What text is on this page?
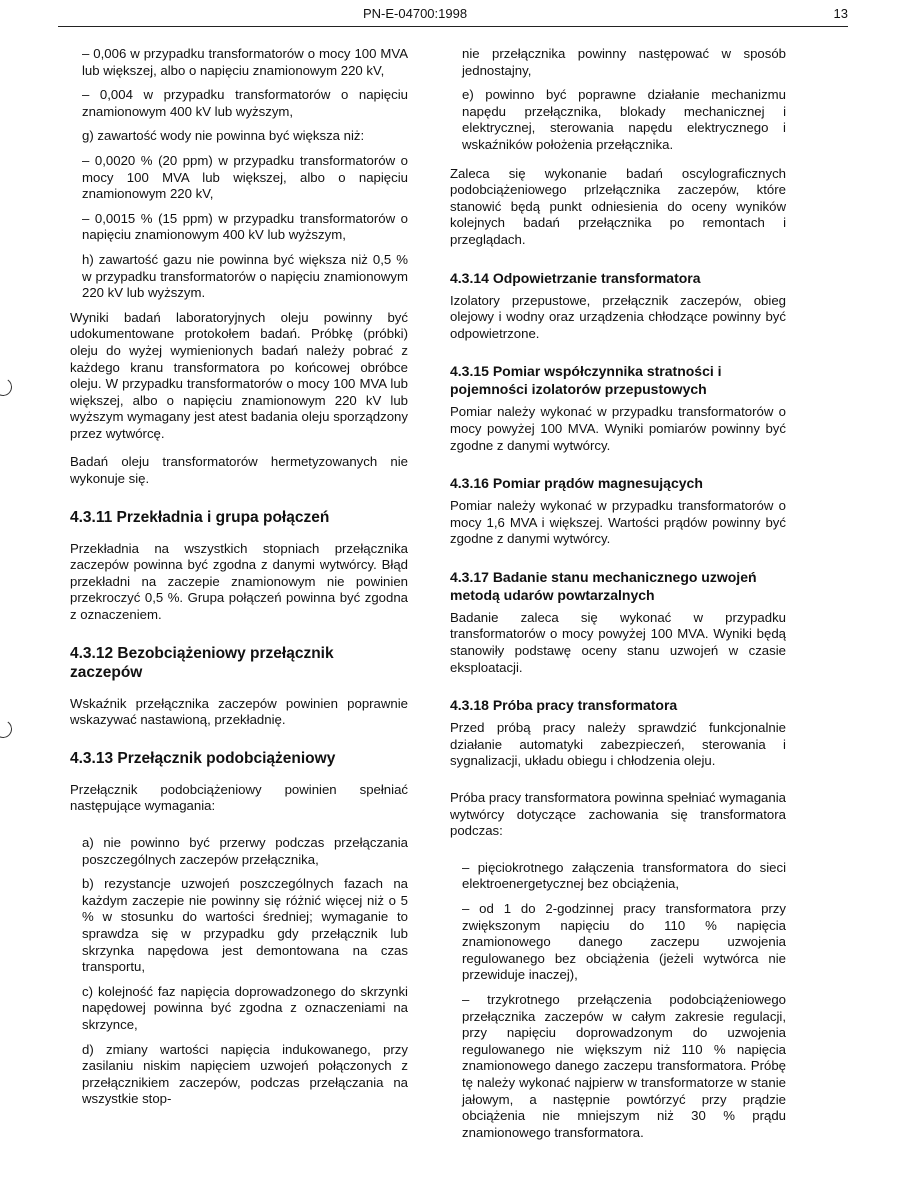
PN-E-04700:1998	13

– 0,006 w przypadku transformatorów o mocy 100 MVA lub większej, albo o napięciu znamionowym 220 kV,

– 0,004 w przypadku transformatorów o napięciu znamionowym 400 kV lub wyższym,

g) zawartość wody nie powinna być większa niż:

– 0,0020 % (20 ppm) w przypadku transformatorów o mocy 100 MVA lub większej, albo o napięciu znamionowym 220 kV,

– 0,0015 % (15 ppm) w przypadku transformatorów o napięciu znamionowym 400 kV lub wyższym,

h) zawartość gazu nie powinna być większa niż 0,5 % w przypadku transformatorów o napięciu znamionowym 220 kV lub wyższym.

Wyniki badań laboratoryjnych oleju powinny być udokumentowane protokołem badań. Próbkę (próbki) oleju do wyżej wymienionych badań należy pobrać z każdego kranu transformatora po końcowej obróbce oleju. W przypadku transformatorów o mocy 100 MVA lub większej, albo o napięciu znamionowym 220 kV lub wyższym wymagany jest atest badania oleju sporządzony przez wytwórcę.

Badań oleju transformatorów hermetyzowanych nie wykonuje się.

4.3.11 Przekładnia i grupa połączeń

Przekładnia na wszystkich stopniach przełącznika zaczepów powinna być zgodna z danymi wytwórcy. Błąd przekładni na zaczepie znamionowym nie powinien przekroczyć 0,5 %. Grupa połączeń powinna być zgodna z oznaczeniem.

4.3.12 Bezobciążeniowy przełącznik zaczepów

Wskaźnik przełącznika zaczepów powinien poprawnie wskazywać nastawioną, przekładnię.

4.3.13 Przełącznik podobciążeniowy

Przełącznik podobciążeniowy powinien spełniać następujące wymagania:

a) nie powinno być przerwy podczas przełączania poszczególnych zaczepów przełącznika,

b) rezystancje uzwojeń poszczególnych fazach na każdym zaczepie nie powinny się różnić więcej niż o 5 % w stosunku do wartości średniej; wymaganie to sprawdza się w przypadku gdy przełącznik lub skrzynka napędowa jest demontowana na czas transportu,

c) kolejność faz napięcia doprowadzonego do skrzynki napędowej powinna być zgodna z oznaczeniami na skrzynce,

d) zmiany wartości napięcia indukowanego, przy zasilaniu niskim napięciem uzwojeń połączonych z przełącznikiem zaczepów, podczas przełączania na wszystkie stop-

nie przełącznika powinny następować w sposób jednostajny,

e) powinno być poprawne działanie mechanizmu napędu przełącznika, blokady mechanicznej i elektrycznej, sterowania napędu elektrycznego i wskaźników położenia przełącznika.

Zaleca się wykonanie badań oscylograficznych podobciążeniowego prlzełącznika zaczepów, które stanowić będą punkt odniesienia do oceny wyników kolejnych badań przełącznika po remontach i przeglądach.

4.3.14 Odpowietrzanie transformatora

Izolatory przepustowe, przełącznik zaczepów, obieg olejowy i wodny oraz urządzenia chłodzące powinny być odpowietrzone.

4.3.15 Pomiar współczynnika stratności i pojemności izolatorów przepustowych

Pomiar należy wykonać w przypadku transformatorów o mocy powyżej 100 MVA. Wyniki pomiarów powinny być zgodne z danymi wytwórcy.

4.3.16 Pomiar prądów magnesujących

Pomiar należy wykonać w przypadku transformatorów o mocy 1,6 MVA i większej. Wartości prądów powinny być zgodne z danymi wytwórcy.

4.3.17 Badanie stanu mechanicznego uzwojeń metodą udarów powtarzalnych

Badanie zaleca się wykonać w przypadku transformatorów o mocy powyżej 100 MVA. Wyniki będą stanowiły podstawę oceny stanu uzwojeń w czasie eksploatacji.

4.3.18 Próba pracy transformatora

Przed próbą pracy należy sprawdzić funkcjonalnie działanie automatyki zabezpieczeń, sterowania i sygnalizacji, układu obiegu i chłodzenia oleju.

Próba pracy transformatora powinna spełniać wymagania wytwórcy dotyczące zachowania się transformatora podczas:

– pięciokrotnego załączenia transformatora do sieci elektroenergetycznej bez obciążenia,

– od 1 do 2-godzinnej pracy transformatora przy zwiększonym napięciu do 110 % napięcia znamionowego danego zaczepu uzwojenia regulowanego bez obciążenia (jeżeli wytwórca nie przewiduje inaczej),

– trzykrotnego przełączenia podobciążeniowego przełącznika zaczepów w całym zakresie regulacji, przy napięciu doprowadzonym do uzwojenia regulowanego nie większym niż 110 % napięcia znamionowego danego zaczepu transformatora. Próbę tę należy wykonać najpierw w transformatorze w stanie jałowym, a następnie powtórzyć przy prądzie obciążenia nie mniejszym niż 30 % prądu znamionowego transformatora.
